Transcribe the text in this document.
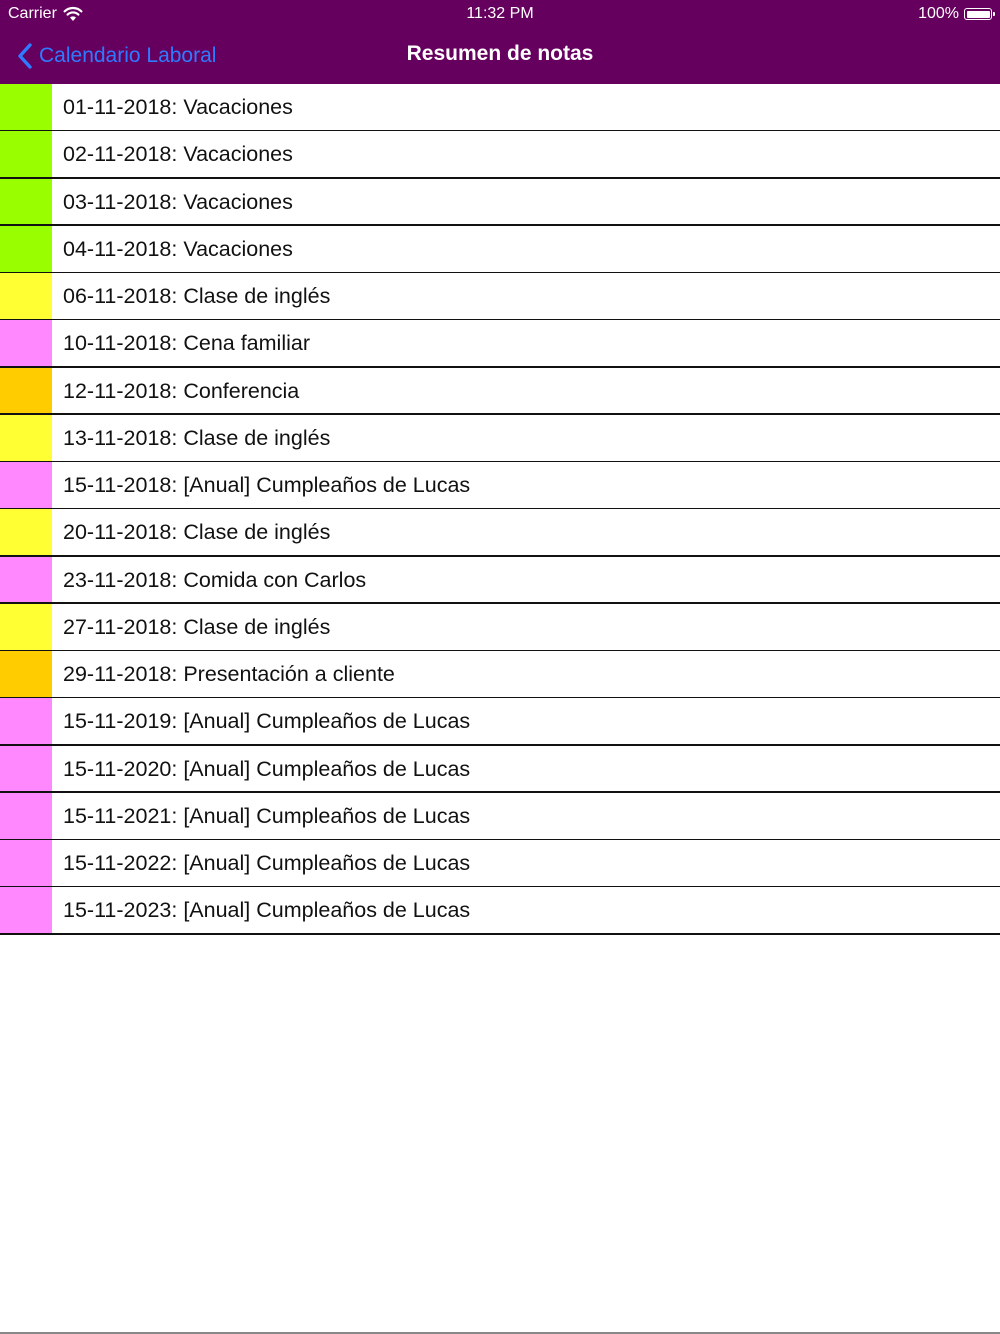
Carrier	11:32 PM	100%
Calendario Laboral	Resumen de notas
01-11-2018: Vacaciones
02-11-2018: Vacaciones
03-11-2018: Vacaciones
04-11-2018: Vacaciones
06-11-2018: Clase de inglés
10-11-2018: Cena familiar
12-11-2018: Conferencia
13-11-2018: Clase de inglés
15-11-2018: [Anual] Cumpleaños de Lucas
20-11-2018: Clase de inglés
23-11-2018: Comida con Carlos
27-11-2018: Clase de inglés
29-11-2018: Presentación a cliente
15-11-2019: [Anual] Cumpleaños de Lucas
15-11-2020: [Anual] Cumpleaños de Lucas
15-11-2021: [Anual] Cumpleaños de Lucas
15-11-2022: [Anual] Cumpleaños de Lucas
15-11-2023: [Anual] Cumpleaños de Lucas
